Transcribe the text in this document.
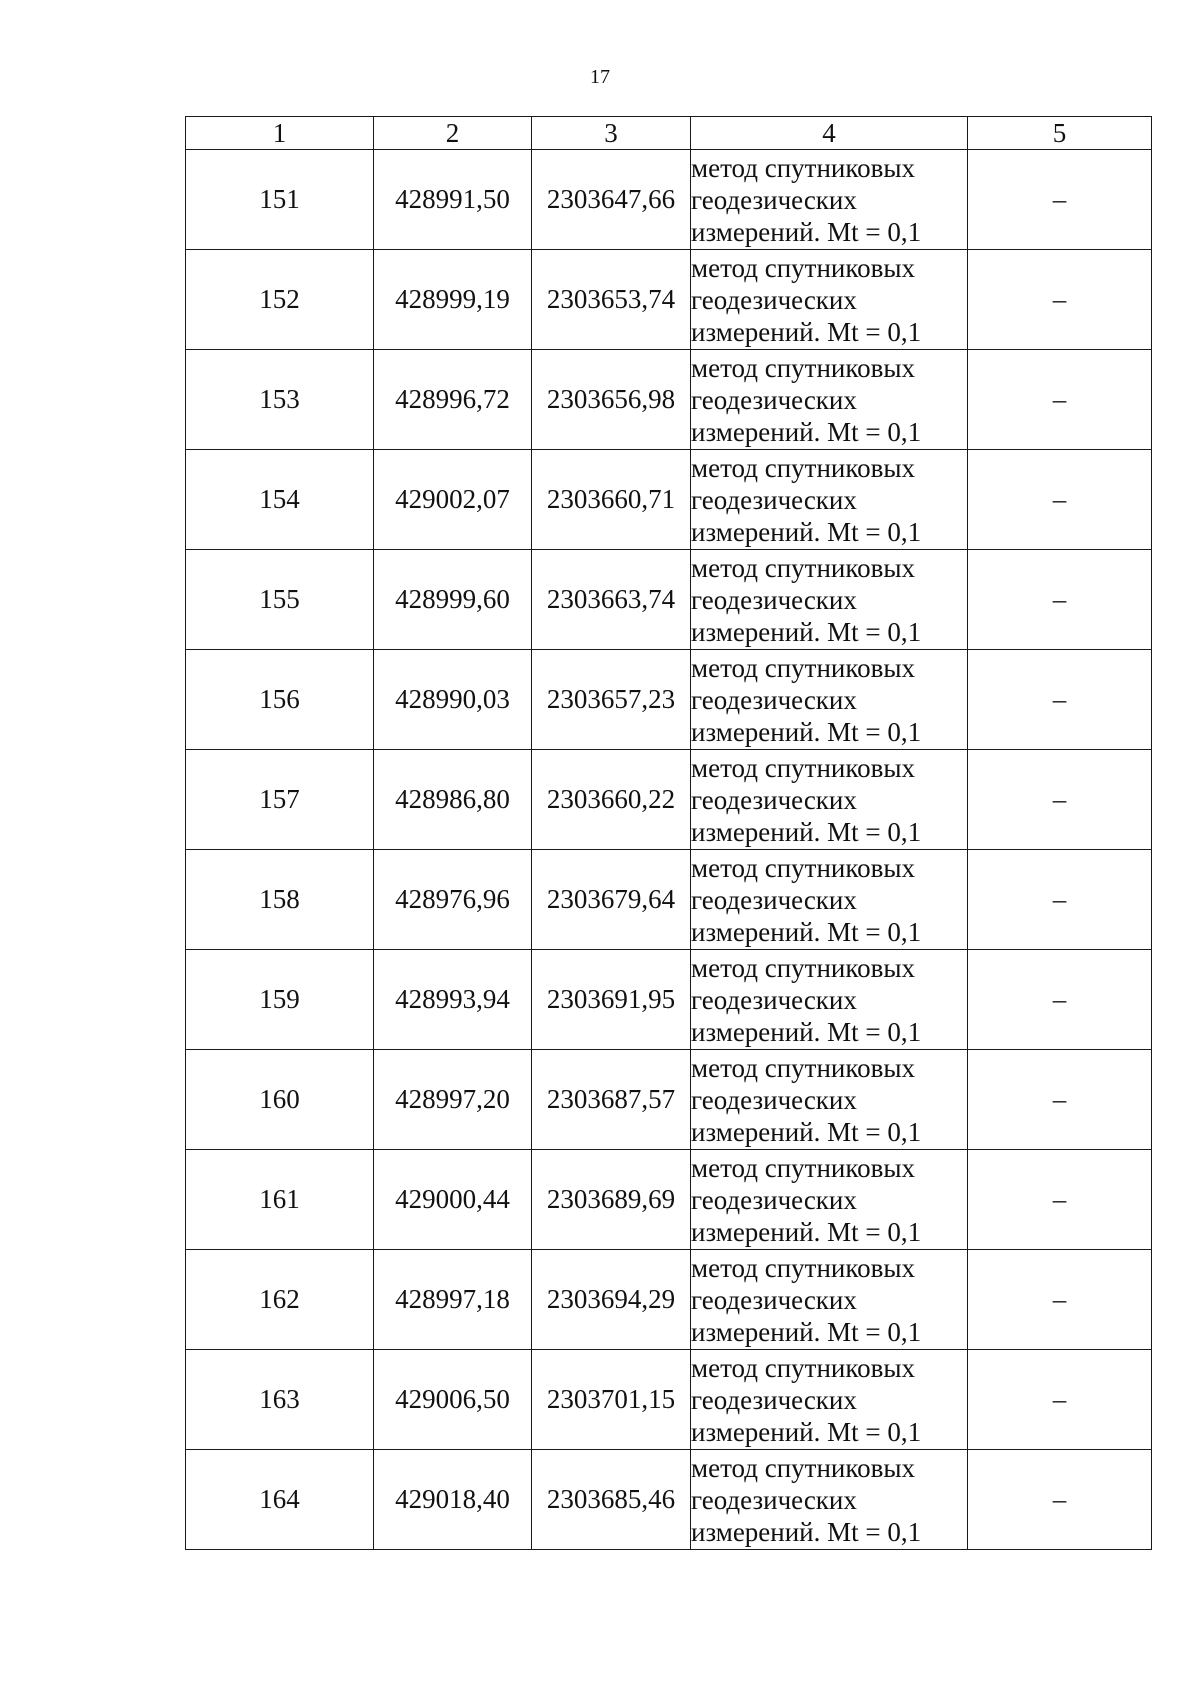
17
1	2	3	4	5
151	428991,50	2303647,66	метод спутниковых
геодезических
измерений. Mt = 0,1	–
152	428999,19	2303653,74	метод спутниковых
геодезических
измерений. Mt = 0,1	–
153	428996,72	2303656,98	метод спутниковых
геодезических
измерений. Mt = 0,1	–
154	429002,07	2303660,71	метод спутниковых
геодезических
измерений. Mt = 0,1	–
155	428999,60	2303663,74	метод спутниковых
геодезических
измерений. Mt = 0,1	–
156	428990,03	2303657,23	метод спутниковых
геодезических
измерений. Mt = 0,1	–
157	428986,80	2303660,22	метод спутниковых
геодезических
измерений. Mt = 0,1	–
158	428976,96	2303679,64	метод спутниковых
геодезических
измерений. Mt = 0,1	–
159	428993,94	2303691,95	метод спутниковых
геодезических
измерений. Mt = 0,1	–
160	428997,20	2303687,57	метод спутниковых
геодезических
измерений. Mt = 0,1	–
161	429000,44	2303689,69	метод спутниковых
геодезических
измерений. Mt = 0,1	–
162	428997,18	2303694,29	метод спутниковых
геодезических
измерений. Mt = 0,1	–
163	429006,50	2303701,15	метод спутниковых
геодезических
измерений. Mt = 0,1	–
164	429018,40	2303685,46	метод спутниковых
геодезических
измерений. Mt = 0,1	–
